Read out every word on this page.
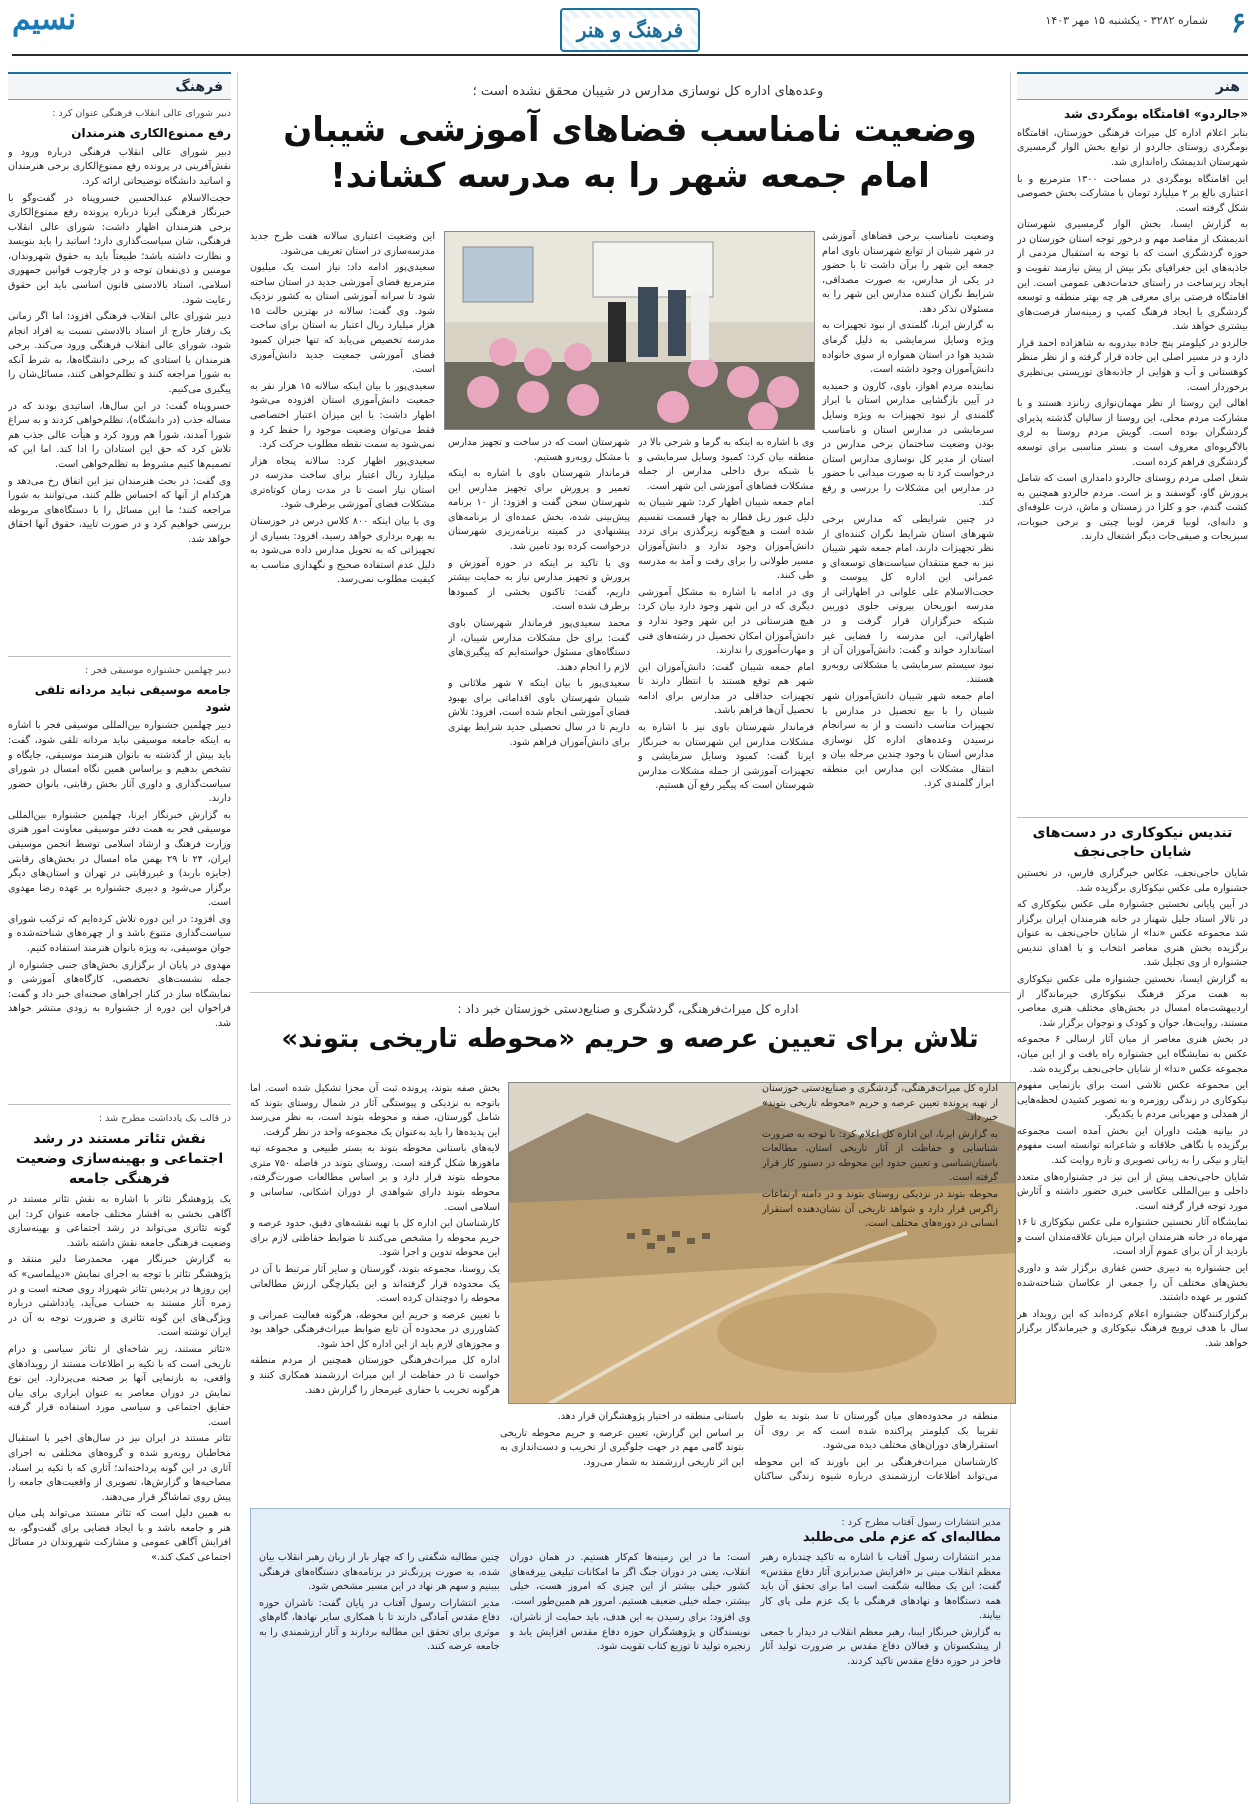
۶
شماره ۳۲۸۲ - یکشنبه ۱۵ مهر ۱۴۰۳
فرهنگ و هنر
نسیم
هنر
«جالردو» اقامتگاه بومگردی شد

بنابر اعلام اداره کل میراث فرهنگی خوزستان، اقامتگاه بومگردی روستای جالردو از توابع بخش الوار گرمسیری شهرستان اندیمشک راه‌اندازی شد.

این اقامتگاه بومگردی در مساحت ۱۳۰۰ مترمربع و با اعتباری بالغ بر ۲ میلیارد تومان با مشارکت بخش خصوصی شکل گرفته است.

به گزارش ایسنا، بخش الوار گرمسیری شهرستان اندیمشک از مقاصد مهم و درخور توجه استان خوزستان در حوزه گردشگری است که با توجه به استقبال مردمی از جاذبه‌های این جغرافیای بکر بیش از پیش نیازمند تقویت و ایجاد زیرساخت در راستای خدمات‌دهی عمومی است. این اقامتگاه فرصتی برای معرفی هر چه بهتر منطقه و توسعه گردشگری با ایجاد فرهنگ کمپ و زمینه‌ساز فرصت‌های بیشتری خواهد شد.

جالردو در کیلومتر پنج جاده بیدروبه به شاهزاده احمد قرار دارد و در مسیر اصلی این جاده قرار گرفته و از نظر منظر کوهستانی و آب و هوایی از جاذبه‌های توریستی بی‌نظیری برخوردار است.

اهالی این روستا از نظر مهمان‌نوازی زبانزد هستند و با مشارکت مردم محلی، این روستا از سالیان گذشته پذیرای گردشگران بوده است. گویش مردم روستا به لری بالاگریوه‌ای معروف است و بستر مناسبی برای توسعه گردشگری فراهم کرده است.

شغل اصلی مردم روستای جالردو دامداری است که شامل پرورش گاو، گوسفند و بز است. مردم جالردو همچنین به کشت گندم، جو و کلزا در زمستان و ماش، ذرت علوفه‌ای و دانه‌ای، لوبیا قرمز، لوبیا چیتی و برخی حبوبات، سبزیجات و صیفی‌جات دیگر اشتغال دارند.

تندیس نیکوکاری در دست‌های شایان حاجی‌نجف

شایان حاجی‌نجف، عکاس خبرگزاری فارس، در نخستین جشنواره ملی عکس نیکوکاری برگزیده شد.

در آیین پایانی نخستین جشنواره ملی عکس نیکوکاری که در تالار استاد جلیل شهناز در خانه هنرمندان ایران برگزار شد مجموعه عکس «ندا» از شایان حاجی‌نجف به عنوان برگزیده بخش هنری معاصر انتخاب و با اهدای تندیس جشنواره از وی تجلیل شد.

به گزارش ایسنا، نخستین جشنواره ملی عکس نیکوکاری به همت مرکز فرهنگ نیکوکاری خیرماندگار از اردیبهشت‌ماه امسال در بخش‌های مختلف هنری معاصر، مستند، روایت‌ها، جوان و کودک و نوجوان برگزار شد.

در بخش هنری معاصر از میان آثار ارسالی ۶ مجموعه عکس به نمایشگاه این جشنواره راه یافت و از این میان، مجموعه عکس «ندا» از شایان حاجی‌نجف برگزیده شد.

این مجموعه عکس تلاشی است برای بازنمایی مفهوم نیکوکاری در زندگی روزمره و به تصویر کشیدن لحظه‌هایی از همدلی و مهربانی مردم با یکدیگر.

در بیانیه هیئت داوران این بخش آمده است مجموعه برگزیده با نگاهی خلاقانه و شاعرانه توانسته است مفهوم ایثار و نیکی را به زبانی تصویری و تازه روایت کند.

شایان حاجی‌نجف پیش از این نیز در جشنواره‌های متعدد داخلی و بین‌المللی عکاسی خبری حضور داشته و آثارش مورد توجه قرار گرفته است.

نمایشگاه آثار نخستین جشنواره ملی عکس نیکوکاری تا ۱۶ مهرماه در خانه هنرمندان ایران میزبان علاقه‌مندان است و بازدید از آن برای عموم آزاد است.

این جشنواره به دبیری حسن غفاری برگزار شد و داوری بخش‌های مختلف آن را جمعی از عکاسان شناخته‌شده کشور بر عهده داشتند.

برگزارکنندگان جشنواره اعلام کرده‌اند که این رویداد هر سال با هدف ترویج فرهنگ نیکوکاری و خیرماندگار برگزار خواهد شد.

فرهنگ
دبیر شورای عالی انقلاب فرهنگی عنوان کرد :
رفع ممنوع‌الکاری هنرمندان

دبیر شورای عالی انقلاب فرهنگی درباره ورود و نقش‌آفرینی در پرونده رفع ممنوع‌الکاری برخی هنرمندان و اساتید دانشگاه توضیحاتی ارائه کرد.

حجت‌الاسلام عبدالحسین خسروپناه در گفت‌وگو با خبرنگار فرهنگی ایرنا درباره پرونده رفع ممنوع‌الکاری برخی هنرمندان اظهار داشت: شورای عالی انقلاب فرهنگی، شان سیاست‌گذاری دارد؛ اساتید را باید بنویسد و نظارت داشته باشد؛ طبیعتاً باید به حقوق شهروندان، مومنین و ذی‌نفعان توجه و در چارچوب قوانین جمهوری اسلامی، اسناد بالادستی قانون اساسی باید این حقوق رعایت شود.

دبیر شورای عالی انقلاب فرهنگی افزود: اما اگر زمانی یک رفتار خارج از اسناد بالادستی نسبت به افراد انجام شود، شورای عالی انقلاب فرهنگی ورود می‌کند. برخی هنرمندان یا استادی که برخی دانشگاه‌ها، به شرط آنکه به شورا مراجعه کنند و تظلم‌خواهی کنند، مسائل‌شان را پیگیری می‌کنیم.

خسروپناه گفت: در این سال‌ها، اساتیدی بودند که در مساله جذب (در دانشگاه)، تظلم‌خواهی کردند و به سراغ شورا آمدند، شورا هم ورود کرد و هیأت عالی جذب هم تلاش کرد که حق این استادان را ادا کند. اما این که تصمیم‌ها کنیم مشروط به تظلم‌خواهی است.

وی گفت: در بحث هنرمندان نیز این اتفاق رخ می‌دهد و هرکدام از آنها که احساس ظلم کنند، می‌توانند به شورا مراجعه کنند؛ ما این مسائل را با دستگاه‌های مربوطه بررسی خواهیم کرد و در صورت تایید، حقوق آنها احقاق خواهد شد.

دبیر چهلمین جشنواره موسیقی فجر :
جامعه موسیقی نباید مردانه تلقی شود

دبیر چهلمین جشنواره بین‌المللی موسیقی فجر با اشاره به اینکه جامعه موسیقی نباید مردانه تلقی شود، گفت: باید بیش از گذشته به بانوان هنرمند موسیقی، جایگاه و تشخص بدهیم و براساس همین نگاه امسال در شورای سیاست‌گذاری و داوری آثار بخش رقابتی، بانوان حضور دارند.

به گزارش خبرنگار ایرنا، چهلمین جشنواره بین‌المللی موسیقی فجر به همت دفتر موسیقی معاونت امور هنری وزارت فرهنگ و ارشاد اسلامی توسط انجمن موسیقی ایران، ۲۴ تا ۲۹ بهمن ماه امسال در بخش‌های رقابتی (جایزه باربد) و غیررقابتی در تهران و استان‌های دیگر برگزار می‌شود و دبیری جشنواره بر عهده رضا مهدوی است.

وی افزود: در این دوره تلاش کرده‌ایم که ترکیب شورای سیاست‌گذاری متنوع باشد و از چهره‌های شناخته‌شده و جوان موسیقی، به ویژه بانوان هنرمند استفاده کنیم.

مهدوی در پایان از برگزاری بخش‌های جنبی جشنواره از جمله نشست‌های تخصصی، کارگاه‌های آموزشی و نمایشگاه ساز در کنار اجراهای صحنه‌ای خبر داد و گفت: فراخوان این دوره از جشنواره به زودی منتشر خواهد شد.

در قالب یک یادداشت مطرح شد :
نقش تئاتر مستند در رشد اجتماعی و بهینه‌سازی وضعیت فرهنگی جامعه

یک پژوهشگر تئاتر با اشاره به نقش تئاتر مستند در آگاهی بخشی به اقشار مختلف جامعه عنوان کرد: این گونه تئاتری می‌تواند در رشد اجتماعی و بهینه‌سازی وضعیت فرهنگی جامعه نقش داشته باشد.

به گزارش خبرنگار مهر، محمدرضا دلیر منتقد و پژوهشگر تئاتر با توجه به اجرای نمایش «دیپلماسی» که این روزها در پردیس تئاتر شهرزاد روی صحنه است و در زمره آثار مستند به حساب می‌آید، یادداشتی درباره ویژگی‌های این گونه تئاتری و ضرورت توجه به آن در ایران نوشته است.

«تئاتر مستند، زیر شاخه‌ای از تئاتر سیاسی و درام تاریخی است که با تکیه بر اطلاعات مستند از رویدادهای واقعی، به بازنمایی آنها بر صحنه می‌پردازد. این نوع نمایش در دوران معاصر به عنوان ابزاری برای بیان حقایق اجتماعی و سیاسی مورد استفاده قرار گرفته است.

تئاتر مستند در ایران نیز در سال‌های اخیر با استقبال مخاطبان روبه‌رو شده و گروه‌های مختلفی به اجرای آثاری در این گونه پرداخته‌اند؛ آثاری که با تکیه بر اسناد، مصاحبه‌ها و گزارش‌ها، تصویری از واقعیت‌های جامعه را پیش روی تماشاگر قرار می‌دهند.

به همین دلیل است که تئاتر مستند می‌تواند پلی میان هنر و جامعه باشد و با ایجاد فضایی برای گفت‌وگو، به افزایش آگاهی عمومی و مشارکت شهروندان در مسائل اجتماعی کمک کند.»

وعده‌های اداره کل نوسازی مدارس در شیبان محقق نشده است ؛
وضعیت نامناسب فضاهای آموزشی شیبان
امام جمعه شهر را به مدرسه کشاند!

وضعیت نامناسب برخی فضاهای آموزشی در شهر شیبان از توابع شهرستان باوی امام جمعه این شهر را برآن داشت تا با حضور در یکی از مدارس، به صورت مصداقی، شرایط نگران کننده مدارس این شهر را به مسئولان تذکر دهد.

به گزارش ایرنا، گلمندی از نبود تجهیزات به ویژه وسایل سرمایشی به دلیل گرمای شدید هوا در استان همواره از سوی خانواده دانش‌آموزان وجود داشته است.

نماینده مردم اهواز، باوی، کارون و حمیدیه در آیین بازگشایی مدارس استان با ابراز گلمندی از نبود تجهیزات به ویژه وسایل سرمایشی در مدارس استان و نامناسب بودن وضعیت ساختمان برخی مدارس در استان از مدیر کل نوسازی مدارس استان درخواست کرد تا به صورت میدانی با حضور در مدارس این مشکلات را بررسی و رفع کند.

در چنین شرایطی که مدارس برخی شهرهای استان شرایط نگران کننده‌ای از نظر تجهیزات دارند، امام جمعه شهر شیبان نیز به جمع منتقدان سیاست‌های توسعه‌ای و عمرانی این اداره کل پیوست و حجت‌الاسلام علی علوانی در اظهاراتی از مدرسه ابوریحان بیرونی جلوی دوربین شبکه خبرگزاران قرار گرفت و در اظهاراتی، این مدرسه را فضایی غیر استاندارد خواند و گفت: دانش‌آموزان آن از نبود سیستم سرمایشی با مشکلاتی روبه‌رو هستند.

امام جمعه شهر شیبان دانش‌آموزان شهر شیبان را با بیع تحصیل در مدارس با تجهیزات مناسب دانست و از به سرانجام نرسیدن وعده‌های اداره کل نوسازی مدارس استان با وجود چندین مرحله بیان و انتقال مشکلات این مدارس این منطقه ابراز گلمندی کرد.

وی با اشاره به اینکه به گرما و شرجی بالا در منطقه بیان کرد: کمبود وسایل سرمایشی و با شبکه برق داخلی مدارس از جمله مشکلات فضاهای آموزشی این شهر است.

امام جمعه شیبان اظهار کرد: شهر شیبان به دلیل عبور ریل قطار به چهار قسمت تقسیم شده است و هیچ‌گونه زیرگذری برای تردد دانش‌آموزان وجود ندارد و دانش‌آموزان مسیر طولانی را برای رفت و آمد به مدرسه طی کنند.

وی در ادامه با اشاره به مشکل آموزشی دیگری که در این شهر وجود دارد بیان کرد: هیچ هنرستانی در این شهر وجود ندارد و دانش‌آموزان امکان تحصیل در رشته‌های فنی و مهارت‌آموزی را ندارند.

امام جمعه شیبان گفت: دانش‌آموزان این شهر هم توقع هستند با انتظار دارند تا تجهیزات حداقلی در مدارس برای ادامه تحصیل آن‌ها فراهم باشد.

فرماندار شهرستان باوی نیز با اشاره به مشکلات مدارس این شهرستان به خبرنگار ایرنا گفت: کمبود وسایل سرمایشی و تجهیزات آموزشی از جمله مشکلات مدارس شهرستان است که پیگیر رفع آن هستیم.

شهرستان است که در ساخت و تجهیز مدارس با مشکل روبه‌رو هستیم.

فرماندار شهرستان باوی با اشاره به اینکه تعمیر و پرورش برای تجهیز مدارس این شهرستان سخن گفت و افزود: از ۱۰ برنامه پیش‌بینی شده، بخش عمده‌ای از برنامه‌های پیشنهادی در کمیته برنامه‌ریزی شهرستان درخواست کرده بود تامین شد.

وی با تاکید بر اینکه در حوزه آموزش و پرورش و تجهیز مدارس نیاز به حمایت بیشتر داریم، گفت: تاکنون بخشی از کمبودها برطرف شده است.

محمد سعیدی‌پور فرماندار شهرستان باوی گفت: برای حل مشکلات مدارس شیبان، از دستگاه‌های مسئول خواسته‌ایم که پیگیری‌های لازم را انجام دهند.

سعیدی‌پور با بیان اینکه ۷ شهر ملاثانی و شیبان شهرستان باوی اقداماتی برای بهبود فضای آموزشی انجام شده است، افزود: تلاش داریم تا در سال تحصیلی جدید شرایط بهتری برای دانش‌آموزان فراهم شود.

این وضعیت اعتباری سالانه هفت طرح جدید مدرسه‌سازی در استان تعریف می‌شود.

سعیدی‌پور ادامه داد: نیاز است یک میلیون مترمربع فضای آموزشی جدید در استان ساخته شود تا سرانه آموزشی استان به کشور نزدیک شود. وی گفت: سالانه در بهترین حالت ۱۵ هزار میلیارد ریال اعتبار به استان برای ساخت مدرسه تخصیص می‌یابد که تنها جبران کمبود فضای آموزشی جمعیت جدید دانش‌آموزی است.

سعیدی‌پور با بیان اینکه سالانه ۱۵ هزار نفر به جمعیت دانش‌آموزی استان افزوده می‌شود اظهار داشت: با این میزان اعتبار اختصاصی فقط می‌توان وضعیت موجود را حفظ کرد و نمی‌شود به سمت نقطه مطلوب حرکت کرد.

سعیدی‌پور اظهار کرد: سالانه پنجاه هزار میلیارد ریال اعتبار برای ساخت مدرسه در استان نیاز است تا در مدت زمان کوتاه‌تری مشکلات فضای آموزشی برطرف شود.

وی با بیان اینکه ۸۰۰ کلاس درس در خوزستان به بهره برداری خواهد رسید، افزود: بسیاری از تجهیزاتی که به تحویل مدارس داده می‌شود به دلیل عدم استفاده صحیح و نگهداری مناسب به کیفیت مطلوب نمی‌رسد.

اداره کل میراث‌فرهنگی، گردشگری و صنایع‌دستی خوزستان خبر داد :
تلاش برای تعیین عرصه و حریم «محوطه تاریخی بتوند»

بخش صفه بتوند، پرونده ثبت آن مجزا تشکیل شده است. اما باتوجه به نزدیکی و پیوستگی آثار در شمال روستای بتوند که شامل گورستان، صفه و محوطه بتوند است، به نظر می‌رسد این پدیده‌ها را باید به‌عنوان یک مجموعه واحد در نظر گرفت.

لایه‌های باستانی محوطه بتوند به بستر طبیعی و مجموعه تپه ماهورها شکل گرفته است. روستای بتوند در فاصله ۷۵۰ متری محوطه بتوند قرار دارد و بر اساس مطالعات صورت‌گرفته، محوطه بتوند دارای شواهدی از دوران اشکانی، ساسانی و اسلامی است.

کارشناسان این اداره کل با تهیه نقشه‌های دقیق، حدود عرصه و حریم محوطه را مشخص می‌کنند تا ضوابط حفاظتی لازم برای این محوطه تدوین و اجرا شود.

یک روستا، مجموعه بتوند، گورستان و سایر آثار مرتبط با آن در یک محدوده قرار گرفته‌اند و این یکپارچگی ارزش مطالعاتی محوطه را دوچندان کرده است.

با تعیین عرصه و حریم این محوطه، هرگونه فعالیت عمرانی و کشاورزی در محدوده آن تابع ضوابط میراث‌فرهنگی خواهد بود و مجوزهای لازم باید از این اداره کل اخذ شود.

اداره کل میراث‌فرهنگی خوزستان همچنین از مردم منطقه خواست تا در حفاظت از این میراث ارزشمند همکاری کنند و هرگونه تخریب یا حفاری غیرمجاز را گزارش دهند.

اداره کل میراث‌فرهنگی، گردشگری و صنایع‌دستی خوزستان از تهیه پرونده تعیین عرصه و حریم «محوطه تاریخی بتوند» خبر داد.

به گزارش ایرنا، این اداره کل اعلام کرد: با توجه به ضرورت شناسایی و حفاظت از آثار تاریخی استان، مطالعات باستان‌شناسی و تعیین حدود این محوطه در دستور کار قرار گرفته است.

محوطه بتوند در نزدیکی روستای بتوند و در دامنه ارتفاعات زاگرس قرار دارد و شواهد تاریخی آن نشان‌دهنده استقرار انسانی در دوره‌های مختلف است.

منطقه در محدوده‌های میان گورستان تا سد بتوند به طول تقریبا یک کیلومتر پراکنده شده است که بر روی آن استقرارهای دوران‌های مختلف دیده می‌شود.

کارشناسان میراث‌فرهنگی بر این باورند که این محوطه می‌تواند اطلاعات ارزشمندی درباره شیوه زندگی ساکنان باستانی منطقه در اختیار پژوهشگران قرار دهد.

بر اساس این گزارش، تعیین عرصه و حریم محوطه تاریخی بتوند گامی مهم در جهت جلوگیری از تخریب و دست‌اندازی به این اثر تاریخی ارزشمند به شمار می‌رود.

مدیر انتشارات رسول آفتاب مطرح کرد :
مطالبه‌ای که عزم ملی می‌طلبد

مدیر انتشارات رسول آفتاب با اشاره به تاکید چندباره رهبر معظم انقلاب مبنی بر «افزایش صدبرابری آثار دفاع مقدس» گفت: این یک مطالبه شگفت است اما برای تحقق آن باید همه دستگاه‌ها و نهادهای فرهنگی با یک عزم ملی پای کار بیایند.

به گزارش خبرنگار ایبنا، رهبر معظم انقلاب در دیدار با جمعی از پیشکسوتان و فعالان دفاع مقدس بر ضرورت تولید آثار فاخر در حوزه دفاع مقدس تاکید کردند.

است: ما در این زمینه‌ها کم‌کار هستیم. در همان دوران انقلاب، یعنی در دوران جنگ اگر ما امکانات تبلیغی ییرقه‌های کشور خیلی بیشتر از این چیزی که امروز هست، خیلی بیشتر، جمله خیلی ضعیف هستیم. امروز هم همین‌طور است.

وی افزود: برای رسیدن به این هدف، باید حمایت از ناشران، نویسندگان و پژوهشگران حوزه دفاع مقدس افزایش یابد و زنجیره تولید تا توزیع کتاب تقویت شود.

چنین مطالبه شگفتی را که چهار بار از زبان رهبر انقلاب بیان شده، به صورت پررنگ‌تر در برنامه‌های دستگاه‌های فرهنگی ببینیم و سهم هر نهاد در این مسیر مشخص شود.

مدیر انتشارات رسول آفتاب در پایان گفت: ناشران حوزه دفاع مقدس آمادگی دارند تا با همکاری سایر نهادها، گام‌های موثری برای تحقق این مطالبه بردارند و آثار ارزشمندی را به جامعه عرضه کنند.
